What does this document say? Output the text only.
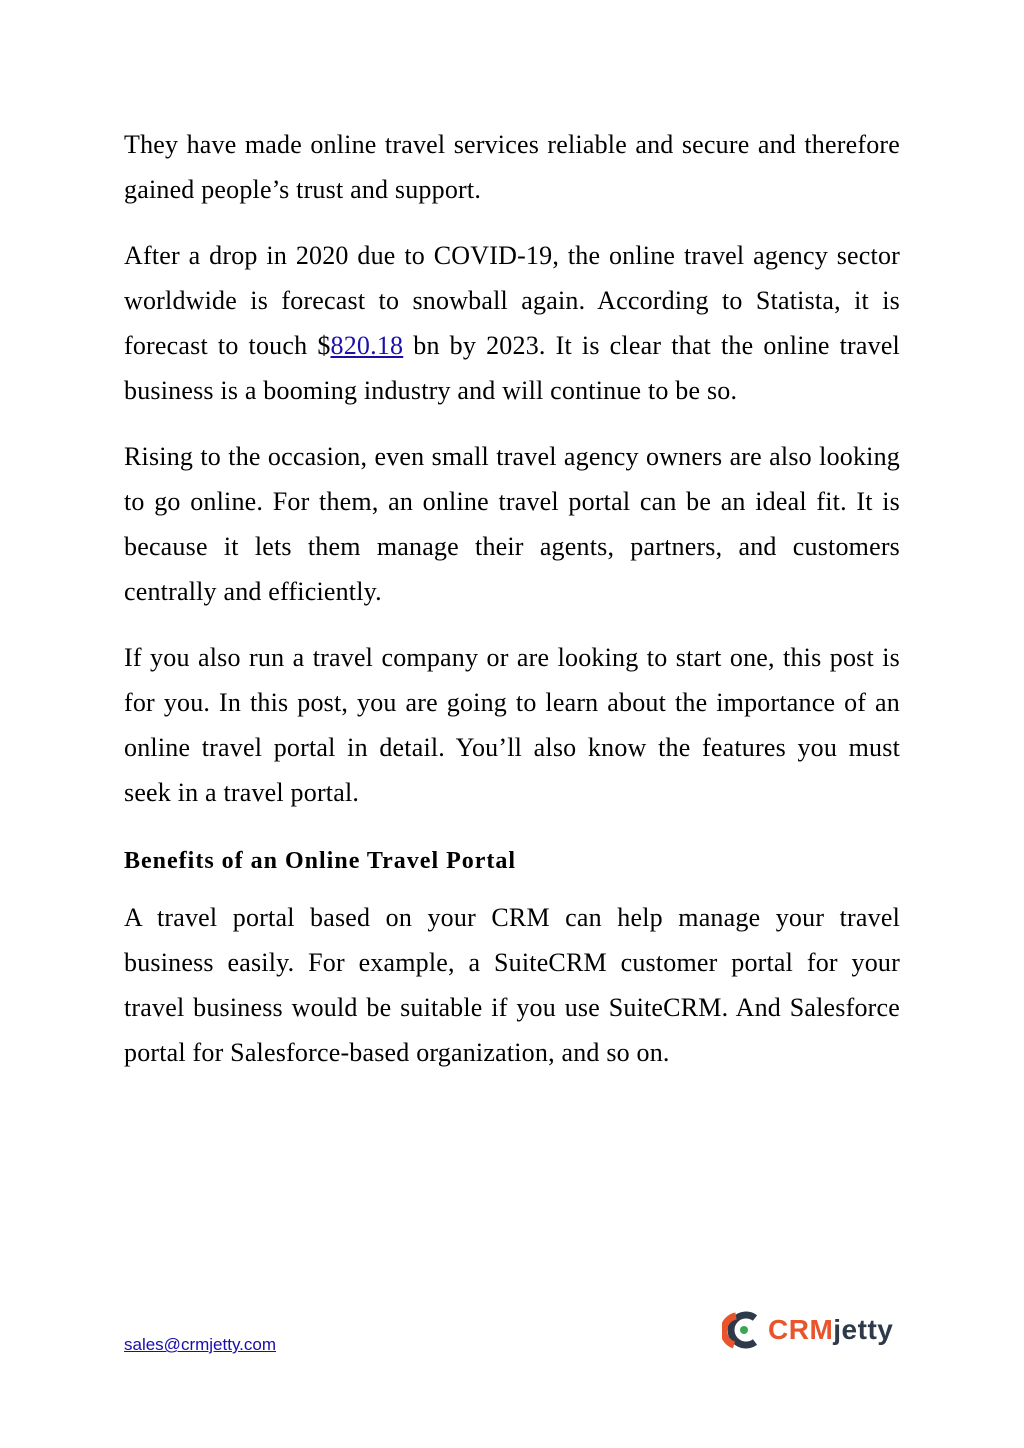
They have made online travel services reliable and secure and therefore gained people’s trust and support.

After a drop in 2020 due to COVID-19, the online travel agency sector worldwide is forecast to snowball again. According to Statista, it is forecast to touch $820.18 bn by 2023. It is clear that the online travel business is a booming industry and will continue to be so.

Rising to the occasion, even small travel agency owners are also looking to go online. For them, an online travel portal can be an ideal fit. It is because it lets them manage their agents, partners, and customers centrally and efficiently.

If you also run a travel company or are looking to start one, this post is for you. In this post, you are going to learn about the importance of an online travel portal in detail. You’ll also know the features you must seek in a travel portal.

Benefits of an Online Travel Portal

A travel portal based on your CRM can help manage your travel business easily. For example, a SuiteCRM customer portal for your travel business would be suitable if you use SuiteCRM. And Salesforce portal for Salesforce-based organization, and so on.

sales@crmjetty.com	CRMjetty
